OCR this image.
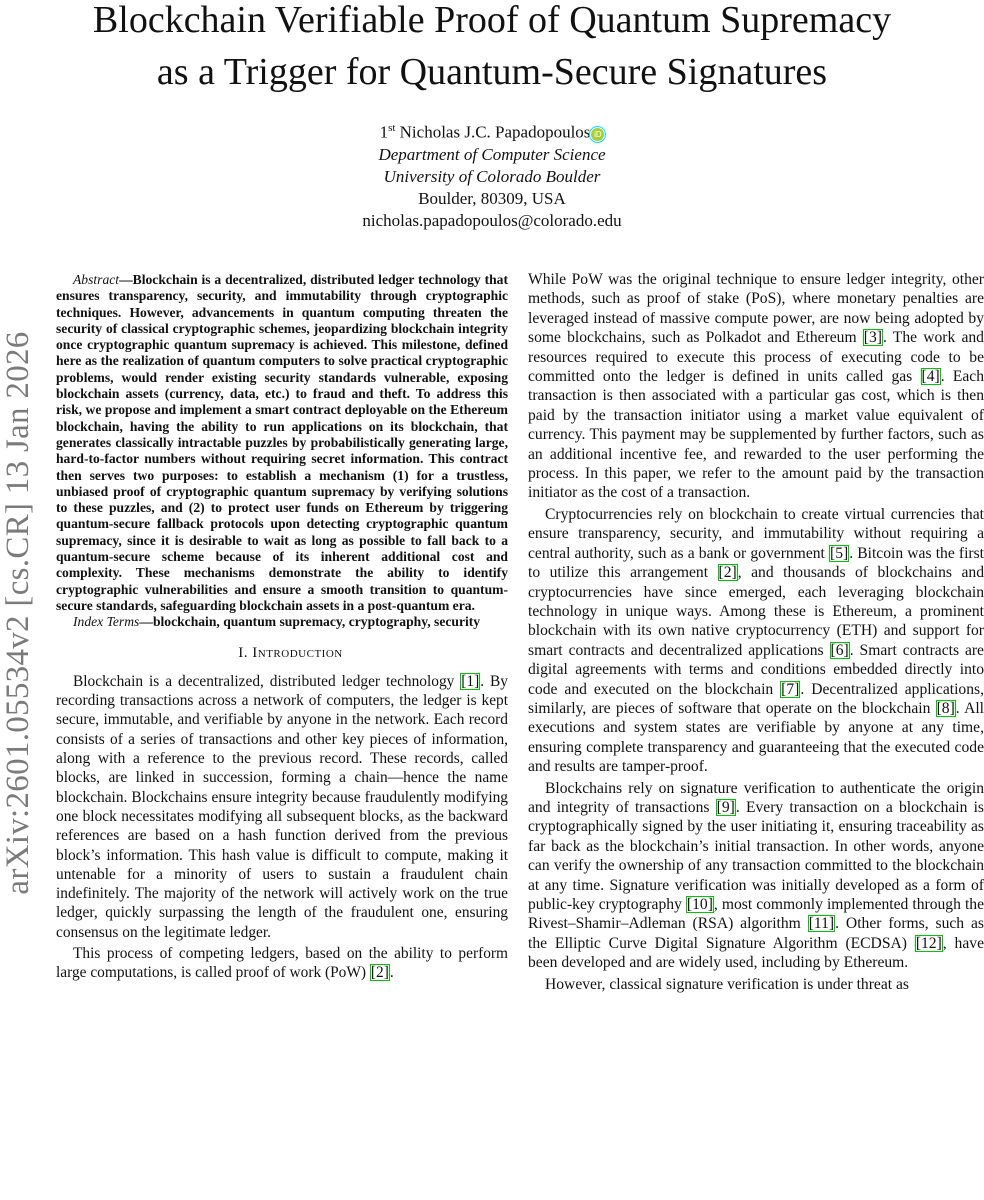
Blockchain Verifiable Proof of Quantum Supremacy
as a Trigger for Quantum-Secure Signatures
1st Nicholas J.C. Papadopoulos iD
Department of Computer Science
University of Colorado Boulder
Boulder, 80309, USA
nicholas.papadopoulos@colorado.edu
arXiv:2601.05534v2 [cs.CR] 13 Jan 2026

Abstract—Blockchain is a decentralized, distributed ledger technology that ensures transparency, security, and immutability through cryptographic techniques. However, advancements in quantum computing threaten the security of classical cryptographic schemes, jeopardizing blockchain integrity once cryptographic quantum supremacy is achieved. This milestone, defined here as the realization of quantum computers to solve practical cryptographic problems, would render existing security standards vulnerable, exposing blockchain assets (currency, data, etc.) to fraud and theft. To address this risk, we propose and implement a smart contract deployable on the Ethereum blockchain, having the ability to run applications on its blockchain, that generates classically intractable puzzles by probabilistically generating large, hard-to-factor numbers without requiring secret information. This contract then serves two purposes: to establish a mechanism (1) for a trustless, unbiased proof of cryptographic quantum supremacy by verifying solutions to these puzzles, and (2) to protect user funds on Ethereum by triggering quantum-secure fallback protocols upon detecting cryptographic quantum supremacy, since it is desirable to wait as long as possible to fall back to a quantum-secure scheme because of its inherent additional cost and complexity. These mechanisms demonstrate the ability to identify cryptographic vulnerabilities and ensure a smooth transition to quantum-secure standards, safeguarding blockchain assets in a post-quantum era.

Index Terms—blockchain, quantum supremacy, cryptography, security

I. Introduction

Blockchain is a decentralized, distributed ledger technology [1]. By recording transactions across a network of computers, the ledger is kept secure, immutable, and verifiable by anyone in the network. Each record consists of a series of transactions and other key pieces of information, along with a reference to the previous record. These records, called blocks, are linked in succession, forming a chain—hence the name blockchain. Blockchains ensure integrity because fraudulently modifying one block necessitates modifying all subsequent blocks, as the backward references are based on a hash function derived from the previous block’s information. This hash value is difficult to compute, making it untenable for a minority of users to sustain a fraudulent chain indefinitely. The majority of the network will actively work on the true ledger, quickly surpassing the length of the fraudulent one, ensuring consensus on the legitimate ledger.

This process of competing ledgers, based on the ability to perform large computations, is called proof of work (PoW) [2].

While PoW was the original technique to ensure ledger integrity, other methods, such as proof of stake (PoS), where monetary penalties are leveraged instead of massive compute power, are now being adopted by some blockchains, such as Polkadot and Ethereum [3]. The work and resources required to execute this process of executing code to be committed onto the ledger is defined in units called gas [4]. Each transaction is then associated with a particular gas cost, which is then paid by the transaction initiator using a market value equivalent of currency. This payment may be supplemented by further factors, such as an additional incentive fee, and rewarded to the user performing the process. In this paper, we refer to the amount paid by the transaction initiator as the cost of a transaction.

Cryptocurrencies rely on blockchain to create virtual currencies that ensure transparency, security, and immutability without requiring a central authority, such as a bank or government [5]. Bitcoin was the first to utilize this arrangement [2], and thousands of blockchains and cryptocurrencies have since emerged, each leveraging blockchain technology in unique ways. Among these is Ethereum, a prominent blockchain with its own native cryptocurrency (ETH) and support for smart contracts and decentralized applications [6]. Smart contracts are digital agreements with terms and conditions embedded directly into code and executed on the blockchain [7]. Decentralized applications, similarly, are pieces of software that operate on the blockchain [8]. All executions and system states are verifiable by anyone at any time, ensuring complete transparency and guaranteeing that the executed code and results are tamper-proof.

Blockchains rely on signature verification to authenticate the origin and integrity of transactions [9]. Every transaction on a blockchain is cryptographically signed by the user initiating it, ensuring traceability as far back as the blockchain’s initial transaction. In other words, anyone can verify the ownership of any transaction committed to the blockchain at any time. Signature verification was initially developed as a form of public-key cryptography [10], most commonly implemented through the Rivest–Shamir–Adleman (RSA) algorithm [11]. Other forms, such as the Elliptic Curve Digital Signature Algorithm (ECDSA) [12], have been developed and are widely used, including by Ethereum.

However, classical signature verification is under threat as
